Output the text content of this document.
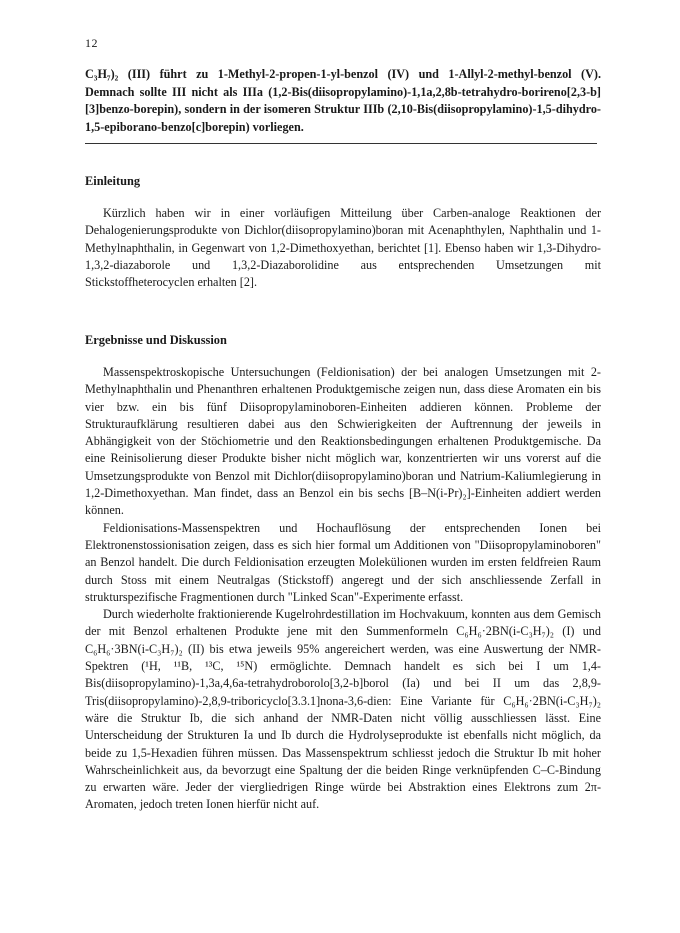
12

C₃H₇)₂ (III) führt zu 1-Methyl-2-propen-1-yl-benzol (IV) und 1-Allyl-2-methyl-benzol (V). Demnach sollte III nicht als IIIa (1,2-Bis(diisopropylamino)-1,1a,2,8b-tetrahydro-borireno[2,3-b][3]benzo-borepin), sondern in der isomeren Struktur IIIb (2,10-Bis(diisopropylamino)-1,5-dihydro-1,5-epiborano-benzo[c]borepin) vorliegen.

Einleitung

Kürzlich haben wir in einer vorläufigen Mitteilung über Carben-analoge Reaktionen der Dehalogenierungsprodukte von Dichlor(diisopropylamino)boran mit Acenaphthylen, Naphthalin und 1-Methylnaphthalin, in Gegenwart von 1,2-Dimethoxyethan, berichtet [1]. Ebenso haben wir 1,3-Dihydro-1,3,2-diazaborole und 1,3,2-Diazaborolidine aus entsprechenden Umsetzungen mit Stickstoffheterocyclen erhalten [2].

Ergebnisse und Diskussion

Massenspektroskopische Untersuchungen (Feldionisation) der bei analogen Umsetzungen mit 2-Methylnaphthalin und Phenanthren erhaltenen Produktgemische zeigen nun, dass diese Aromaten ein bis vier bzw. ein bis fünf Diisopropylaminoboren-Einheiten addieren können. Probleme der Strukturaufklärung resultieren dabei aus den Schwierigkeiten der Auftrennung der jeweils in Abhängigkeit von der Stöchiometrie und den Reaktionsbedingungen erhaltenen Produktgemische. Da eine Reinisolierung dieser Produkte bisher nicht möglich war, konzentrierten wir uns vorerst auf die Umsetzungsprodukte von Benzol mit Dichlor(diisopropylamino)boran und Natrium-Kaliumlegierung in 1,2-Dimethoxyethan. Man findet, dass an Benzol ein bis sechs [B–N(i-Pr)₂]-Einheiten addiert werden können.

Feldionisations-Massenspektren und Hochauflösung der entsprechenden Ionen bei Elektronenstossionisation zeigen, dass es sich hier formal um Additionen von "Diisopropylaminoboren" an Benzol handelt. Die durch Feldionisation erzeugten Molekülionen wurden im ersten feldfreien Raum durch Stoss mit einem Neutralgas (Stickstoff) angeregt und der sich anschliessende Zerfall in strukturspezifische Fragmentionen durch "Linked Scan"-Experimente erfasst.

Durch wiederholte fraktionierende Kugelrohrdestillation im Hochvakuum, konnten aus dem Gemisch der mit Benzol erhaltenen Produkte jene mit den Summenformeln C₆H₆·2BN(i-C₃H₇)₂ (I) und C₆H₆·3BN(i-C₃H₇)₂ (II) bis etwa jeweils 95% angereichert werden, was eine Auswertung der NMR-Spektren (¹H, ¹¹B, ¹³C, ¹⁵N) ermöglichte. Demnach handelt es sich bei I um 1,4-Bis(diisopropylamino)-1,3a,4,6a-tetrahydroborolo[3,2-b]borol (Ia) und bei II um das 2,8,9-Tris(diisopropylamino)-2,8,9-triboricyclo[3.3.1]nona-3,6-dien: Eine Variante für C₆H₆·2BN(i-C₃H₇)₂ wäre die Struktur Ib, die sich anhand der NMR-Daten nicht völlig ausschliessen lässt. Eine Unterscheidung der Strukturen Ia und Ib durch die Hydrolyseprodukte ist ebenfalls nicht möglich, da beide zu 1,5-Hexadien führen müssen. Das Massenspektrum schliesst jedoch die Struktur Ib mit hoher Wahrscheinlichkeit aus, da bevorzugt eine Spaltung der die beiden Ringe verknüpfenden C–C-Bindung zu erwarten wäre. Jeder der viergliedrigen Ringe würde bei Abstraktion eines Elektrons zum 2π-Aromaten, jedoch treten Ionen hierfür nicht auf.
